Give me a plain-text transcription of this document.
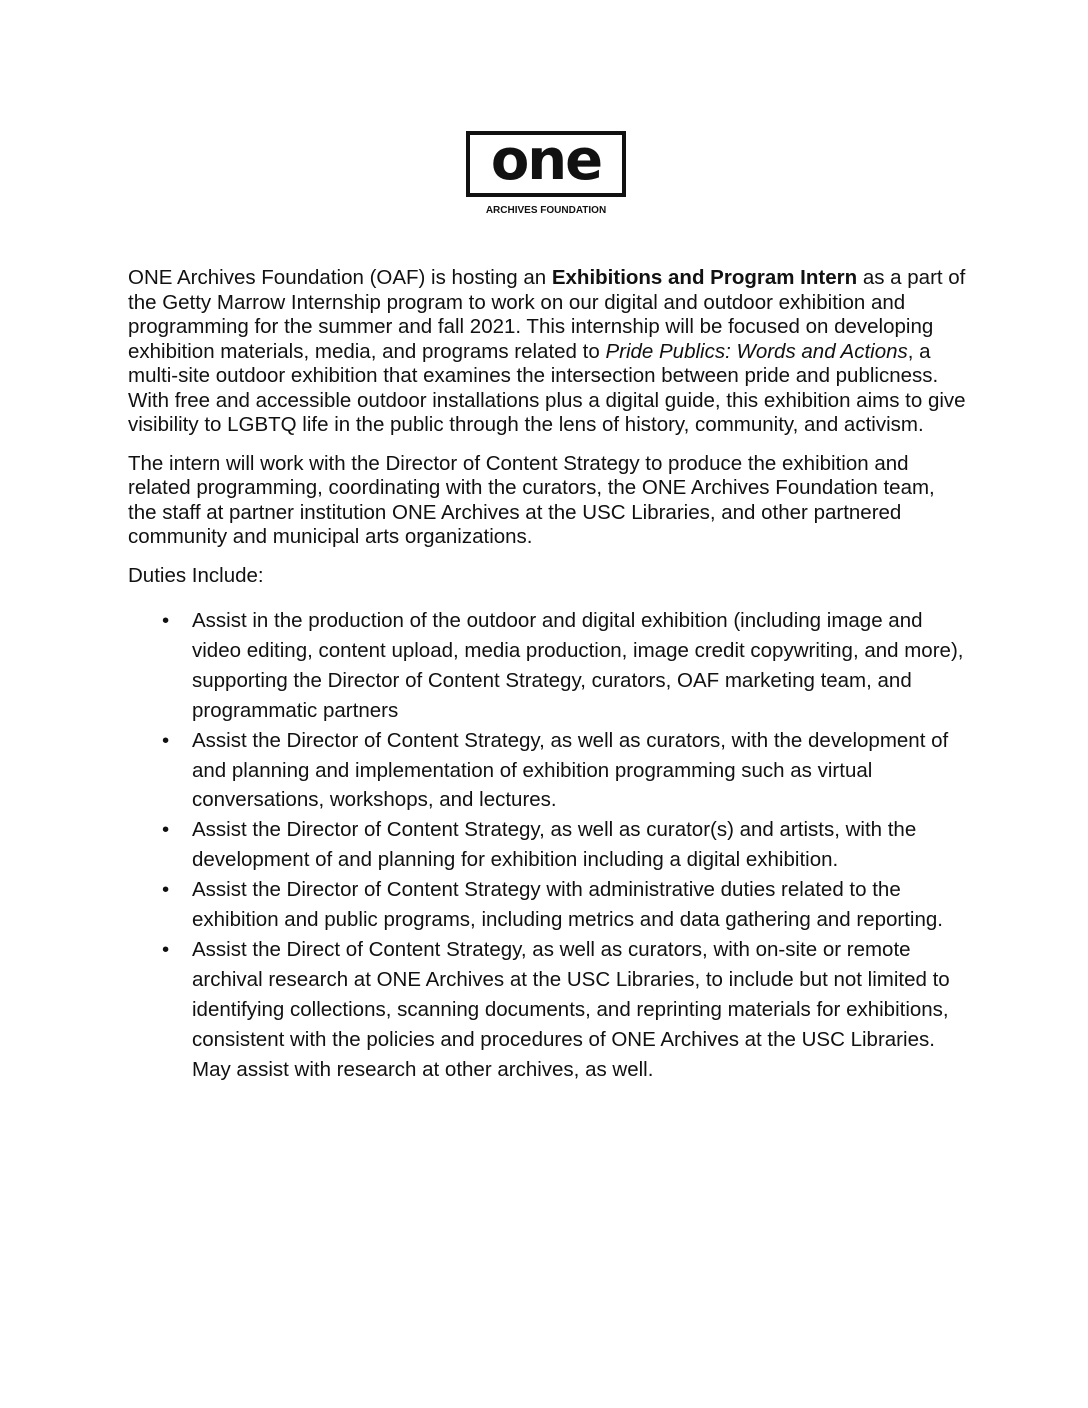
one
ARCHIVES FOUNDATION

ONE Archives Foundation (OAF) is hosting an Exhibitions and Program Intern as a part of the Getty Marrow Internship program to work on our digital and outdoor exhibition and programming for the summer and fall 2021. This internship will be focused on developing exhibition materials, media, and programs related to Pride Publics: Words and Actions, a multi-site outdoor exhibition that examines the intersection between pride and publicness. With free and accessible outdoor installations plus a digital guide, this exhibition aims to give visibility to LGBTQ life in the public through the lens of history, community, and activism.

The intern will work with the Director of Content Strategy to produce the exhibition and related programming, coordinating with the curators, the ONE Archives Foundation team, the staff at partner institution ONE Archives at the USC Libraries, and other partnered community and municipal arts organizations.

Duties Include:

• Assist in the production of the outdoor and digital exhibition (including image and video editing, content upload, media production, image credit copywriting, and more), supporting the Director of Content Strategy, curators, OAF marketing team, and programmatic partners
• Assist the Director of Content Strategy, as well as curators, with the development of and planning and implementation of exhibition programming such as virtual conversations, workshops, and lectures.
• Assist the Director of Content Strategy, as well as curator(s) and artists, with the development of and planning for exhibition including a digital exhibition.
• Assist the Director of Content Strategy with administrative duties related to the exhibition and public programs, including metrics and data gathering and reporting.
• Assist the Direct of Content Strategy, as well as curators, with on-site or remote archival research at ONE Archives at the USC Libraries, to include but not limited to identifying collections, scanning documents, and reprinting materials for exhibitions, consistent with the policies and procedures of ONE Archives at the USC Libraries. May assist with research at other archives, as well.
